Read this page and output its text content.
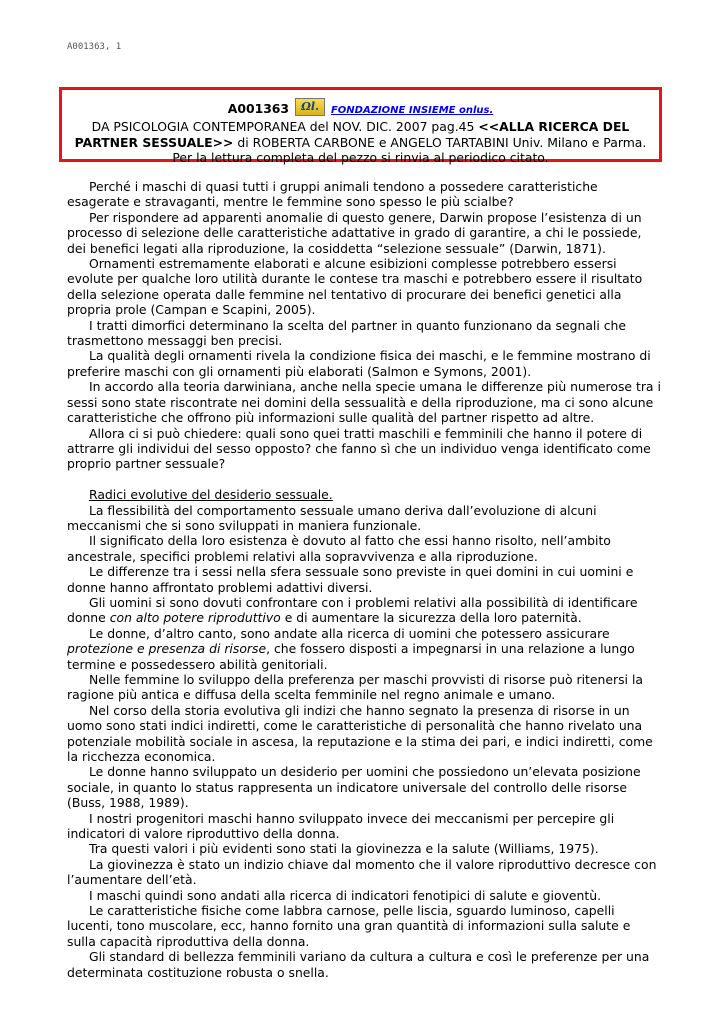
A001363, 1
A001363	Ωl.	FONDAZIONE INSIEME onlus.
DA PSICOLOGIA CONTEMPORANEA del NOV. DIC. 2007 pag.45 <<ALLA RICERCA DEL
PARTNER SESSUALE>> di ROBERTA CARBONE e ANGELO TARTABINI Univ. Milano e Parma.
Per la lettura completa del pezzo si rinvia al periodico citato.

Perché i maschi di quasi tutti i gruppi animali tendono a possedere caratteristiche esagerate e stravaganti, mentre le femmine sono spesso le più scialbe?

Per rispondere ad apparenti anomalie di questo genere, Darwin propose l’esistenza di un processo di selezione delle caratteristiche adattative in grado di garantire, a chi le possiede, dei benefici legati alla riproduzione, la cosiddetta “selezione sessuale” (Darwin, 1871).

Ornamenti estremamente elaborati e alcune esibizioni complesse potrebbero essersi evolute per qualche loro utilità durante le contese tra maschi e potrebbero essere il risultato della selezione operata dalle femmine nel tentativo di procurare dei benefici genetici alla propria prole (Campan e Scapini, 2005).

I tratti dimorfici determinano la scelta del partner in quanto funzionano da segnali che trasmettono messaggi ben precisi.

La qualità degli ornamenti rivela la condizione fisica dei maschi, e le femmine mostrano di preferire maschi con gli ornamenti più elaborati (Salmon e Symons, 2001).

In accordo alla teoria darwiniana, anche nella specie umana le differenze più numerose tra i sessi sono state riscontrate nei domini della sessualità e della riproduzione, ma ci sono alcune caratteristiche che offrono più informazioni sulle qualità del partner rispetto ad altre.

Allora ci si può chiedere: quali sono quei tratti maschili e femminili che hanno il potere di attrarre gli individui del sesso opposto? che fanno sì che un individuo venga identificato come proprio partner sessuale?

Radici evolutive del desiderio sessuale.

La flessibilità del comportamento sessuale umano deriva dall’evoluzione di alcuni meccanismi che si sono sviluppati in maniera funzionale.

Il significato della loro esistenza è dovuto al fatto che essi hanno risolto, nell’ambito ancestrale, specifici problemi relativi alla sopravvivenza e alla riproduzione.

Le differenze tra i sessi nella sfera sessuale sono previste in quei domini in cui uomini e donne hanno affrontato problemi adattivi diversi.

Gli uomini si sono dovuti confrontare con i problemi relativi alla possibilità di identificare donne con alto potere riproduttivo e di aumentare la sicurezza della loro paternità.

Le donne, d’altro canto, sono andate alla ricerca di uomini che potessero assicurare protezione e presenza di risorse, che fossero disposti a impegnarsi in una relazione a lungo termine e possedessero abilità genitoriali.

Nelle femmine lo sviluppo della preferenza per maschi provvisti di risorse può ritenersi la ragione più antica e diffusa della scelta femminile nel regno animale e umano.

Nel corso della storia evolutiva gli indizi che hanno segnato la presenza di risorse in un uomo sono stati indici indiretti, come le caratteristiche di personalità che hanno rivelato una potenziale mobilità sociale in ascesa, la reputazione e la stima dei pari, e indici indiretti, come la ricchezza economica.

Le donne hanno sviluppato un desiderio per uomini che possiedono un’elevata posizione sociale, in quanto lo status rappresenta un indicatore universale del controllo delle risorse (Buss, 1988, 1989).

I nostri progenitori maschi hanno sviluppato invece dei meccanismi per percepire gli indicatori di valore riproduttivo della donna.

Tra questi valori i più evidenti sono stati la giovinezza e la salute (Williams, 1975).

La giovinezza è stato un indizio chiave dal momento che il valore riproduttivo decresce con l’aumentare dell’età.

I maschi quindi sono andati alla ricerca di indicatori fenotipici di salute e gioventù.

Le caratteristiche fisiche come labbra carnose, pelle liscia, sguardo luminoso, capelli lucenti, tono muscolare, ecc, hanno fornito una gran quantità di informazioni sulla salute e sulla capacità riproduttiva della donna.

Gli standard di bellezza femminili variano da cultura a cultura e così le preferenze per una determinata costituzione robusta o snella.
